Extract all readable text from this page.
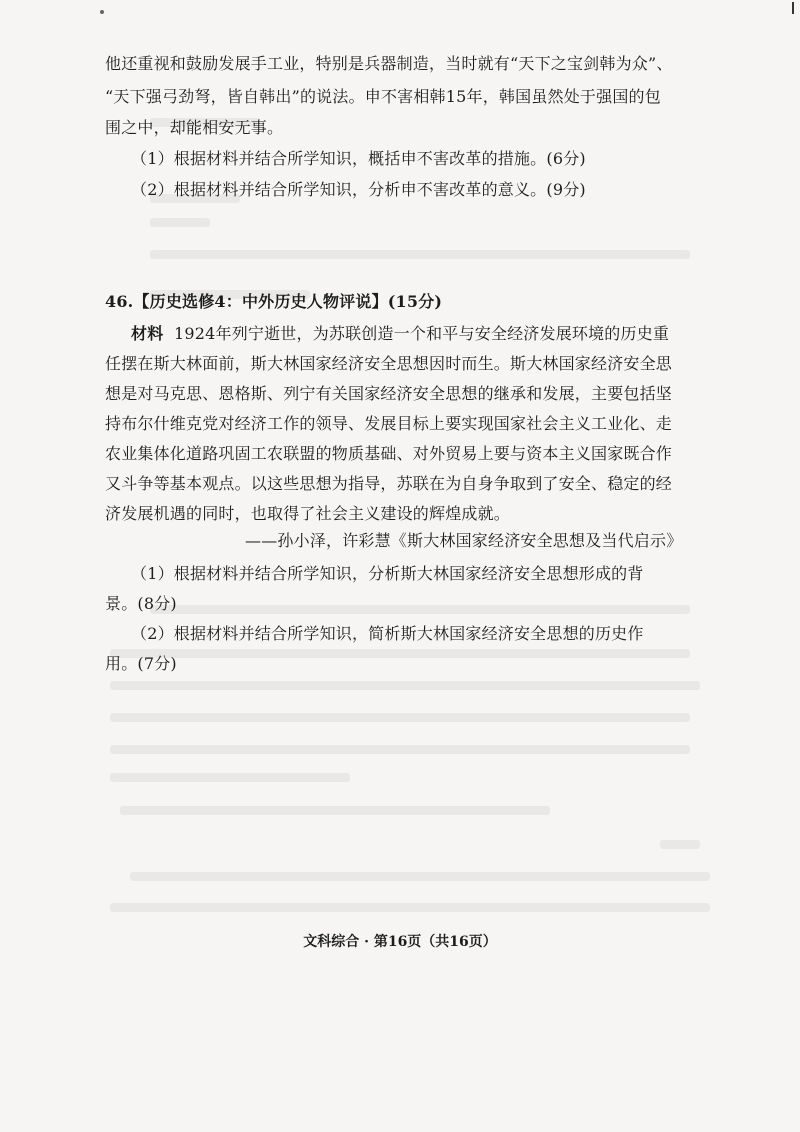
他还重视和鼓励发展手工业，特别是兵器制造，当时就有“天下之宝剑韩为众”、
“天下强弓劲弩，皆自韩出”的说法。申不害相韩15年，韩国虽然处于强国的包
围之中，却能相安无事。
（1）根据材料并结合所学知识，概括申不害改革的措施。(6分)
（2）根据材料并结合所学知识，分析申不害改革的意义。(9分)
46.【历史选修4：中外历史人物评说】(15分)
材料 1924年列宁逝世，为苏联创造一个和平与安全经济发展环境的历史重
任摆在斯大林面前，斯大林国家经济安全思想因时而生。斯大林国家经济安全思
想是对马克思、恩格斯、列宁有关国家经济安全思想的继承和发展，主要包括坚
持布尔什维克党对经济工作的领导、发展目标上要实现国家社会主义工业化、走
农业集体化道路巩固工农联盟的物质基础、对外贸易上要与资本主义国家既合作
又斗争等基本观点。以这些思想为指导，苏联在为自身争取到了安全、稳定的经
济发展机遇的同时，也取得了社会主义建设的辉煌成就。
——孙小泽，许彩慧《斯大林国家经济安全思想及当代启示》
（1）根据材料并结合所学知识，分析斯大林国家经济安全思想形成的背
景。(8分)
（2）根据材料并结合所学知识，简析斯大林国家经济安全思想的历史作
用。(7分)
文科综合 · 第16页（共16页）
